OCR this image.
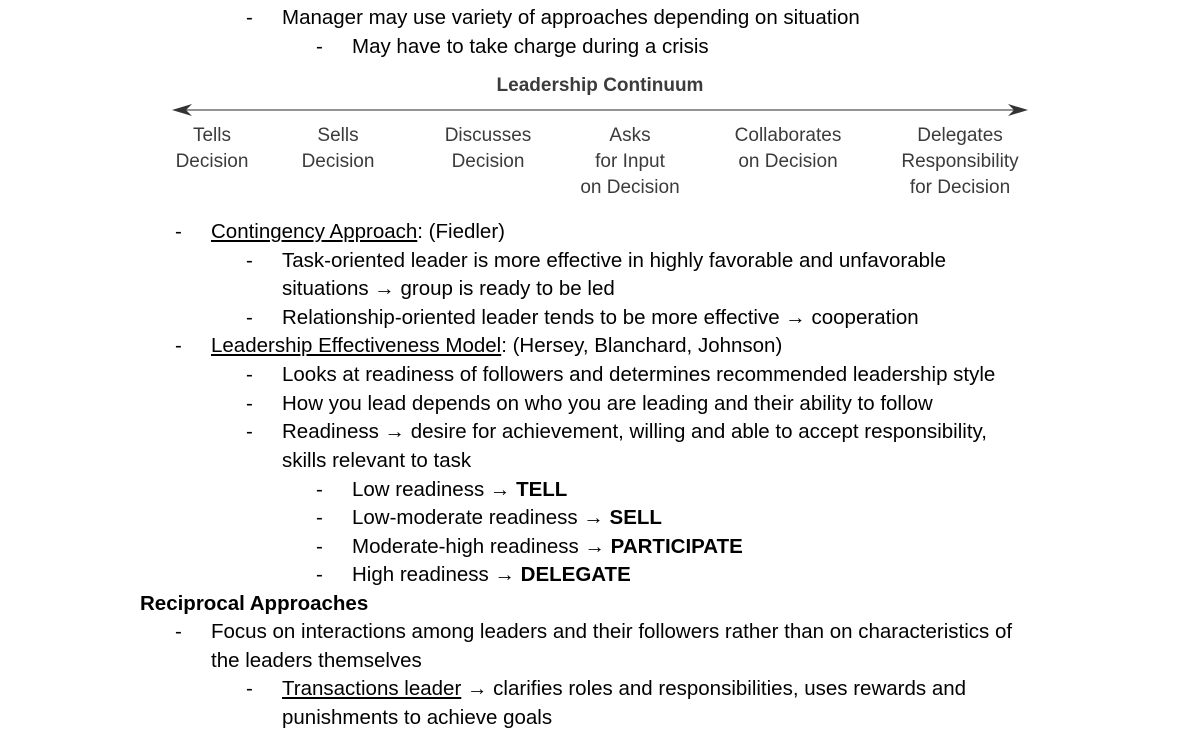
- Manager may use variety of approaches depending on situation
- May have to take charge during a crisis
Leadership Continuum
Tells
Decision
Sells
Decision
Discusses
Decision
Asks
for Input
on Decision
Collaborates
on Decision
Delegates
Responsibility
for Decision
- Contingency Approach: (Fiedler)
- Task-oriented leader is more effective in highly favorable and unfavorable
situations → group is ready to be led
- Relationship-oriented leader tends to be more effective → cooperation
- Leadership Effectiveness Model: (Hersey, Blanchard, Johnson)
- Looks at readiness of followers and determines recommended leadership style
- How you lead depends on who you are leading and their ability to follow
- Readiness → desire for achievement, willing and able to accept responsibility,
skills relevant to task
- Low readiness → TELL
- Low-moderate readiness → SELL
- Moderate-high readiness → PARTICIPATE
- High readiness → DELEGATE
Reciprocal Approaches
- Focus on interactions among leaders and their followers rather than on characteristics of
the leaders themselves
- Transactions leader → clarifies roles and responsibilities, uses rewards and
punishments to achieve goals
